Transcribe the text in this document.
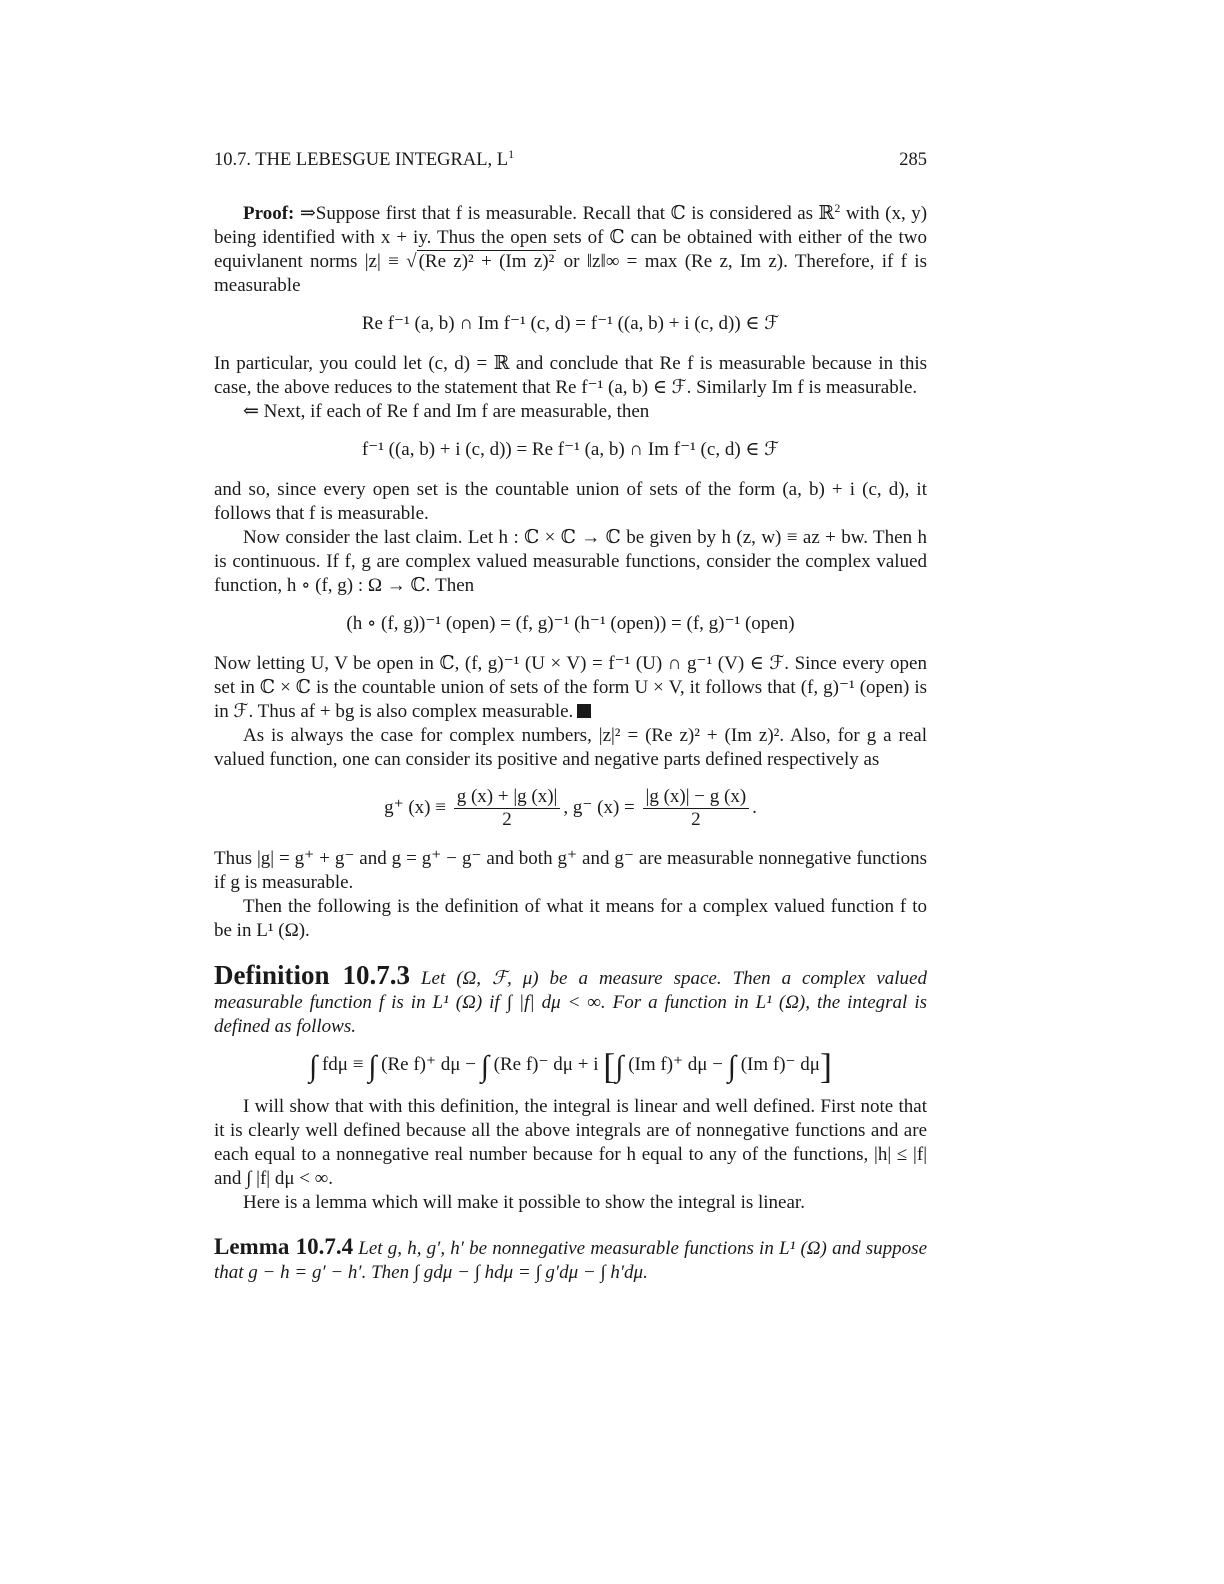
10.7. THE LEBESGUE INTEGRAL, $L^1$	285

Proof: ⇒Suppose first that f is measurable. Recall that ℂ is considered as ℝ$^2$ with (x, y) being identified with x + iy. Thus the open sets of ℂ can be obtained with either of the two equivlanent norms |z| ≡ √ (Re z)² + (Im z)² or ‖z‖∞ = max (Re z, Im z). Therefore, if f is measurable

Re f⁻¹ (a, b) ∩ Im f⁻¹ (c, d) = f⁻¹ ((a, b) + i (c, d)) ∈ ℱ

In particular, you could let (c, d) = ℝ and conclude that Re f is measurable because in this case, the above reduces to the statement that Re f⁻¹ (a, b) ∈ ℱ. Similarly Im f is measurable.

⇐ Next, if each of Re f and Im f are measurable, then

f⁻¹ ((a, b) + i (c, d)) = Re f⁻¹ (a, b) ∩ Im f⁻¹ (c, d) ∈ ℱ

and so, since every open set is the countable union of sets of the form (a, b) + i (c, d), it follows that f is measurable.

Now consider the last claim. Let h : ℂ × ℂ → ℂ be given by h (z, w) ≡ az + bw. Then h is continuous. If f, g are complex valued measurable functions, consider the complex valued function, h ∘ (f, g) : Ω → ℂ. Then

(h ∘ (f, g))⁻¹ (open) = (f, g)⁻¹ (h⁻¹ (open)) = (f, g)⁻¹ (open)

Now letting U, V be open in ℂ, (f, g)⁻¹ (U × V) = f⁻¹ (U) ∩ g⁻¹ (V) ∈ ℱ. Since every open set in ℂ × ℂ is the countable union of sets of the form U × V, it follows that (f, g)⁻¹ (open) is in ℱ. Thus af + bg is also complex measurable.

As is always the case for complex numbers, |z|² = (Re z)² + (Im z)². Also, for g a real valued function, one can consider its positive and negative parts defined respectively as

g⁺ $(x) \equiv \frac{g (x) + |g (x)|}{2}$ , g⁻ $(x) = \frac{|g (x)| - g (x)}{2}$ .

Thus |g| = g⁺ + g⁻ and g = g⁺ − g⁻ and both g⁺ and g⁻ are measurable nonnegative functions if g is measurable.

Then the following is the definition of what it means for a complex valued function f to be in L¹ (Ω).

Definition 10.7.3 Let (Ω, ℱ, μ) be a measure space. Then a complex valued measurable function f is in L¹ (Ω) if ∫ |f| dμ < ∞. For a function in L¹ (Ω), the integral is defined as follows.
∫ fdμ ≡ ∫ (Re f)⁺ dμ − ∫ (Re f)⁻ dμ + i [∫ (Im f)⁺ dμ − ∫ (Im f)⁻ dμ]

I will show that with this definition, the integral is linear and well defined. First note that it is clearly well defined because all the above integrals are of nonnegative functions and are each equal to a nonnegative real number because for h equal to any of the functions, |h| ≤ |f| and ∫ |f| dμ < ∞.

Here is a lemma which will make it possible to show the integral is linear.

Lemma 10.7.4 Let g, h, g′, h′ be nonnegative measurable functions in L¹ (Ω) and suppose that g − h = g′ − h′. Then ∫ gdμ − ∫ hdμ = ∫ g′dμ − ∫ h′dμ.
